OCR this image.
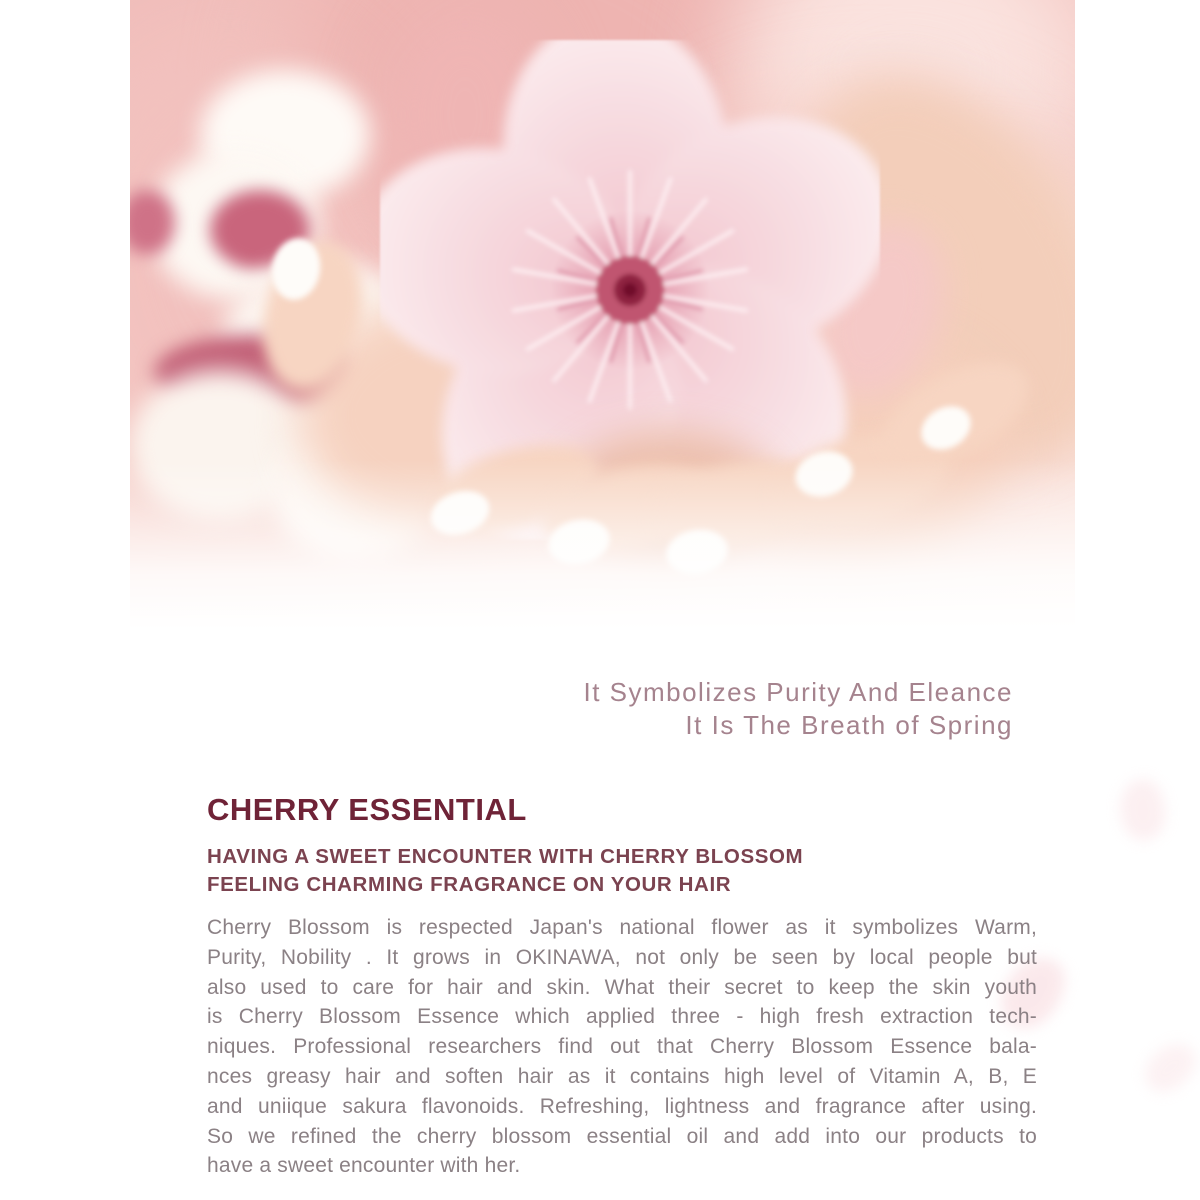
It Symbolizes Purity And Eleance
It Is The Breath of Spring
CHERRY ESSENTIAL
HAVING A SWEET ENCOUNTER WITH CHERRY BLOSSOM
FEELING CHARMING FRAGRANCE ON YOUR HAIR
Cherry Blossom is respected Japan's national flower as it symbolizes Warm,
Purity, Nobility . It grows in OKINAWA, not only be seen by local people but
also used to care for hair and skin. What their secret to keep the skin youth
is Cherry Blossom Essence which applied three - high fresh extraction tech-
niques. Professional researchers find out that Cherry Blossom Essence bala-
nces greasy hair and soften hair as it contains high level of Vitamin A, B, E
and uniique sakura flavonoids. Refreshing, lightness and fragrance after using.
So we refined the cherry blossom essential oil and add into our products to
have a sweet encounter with her.
